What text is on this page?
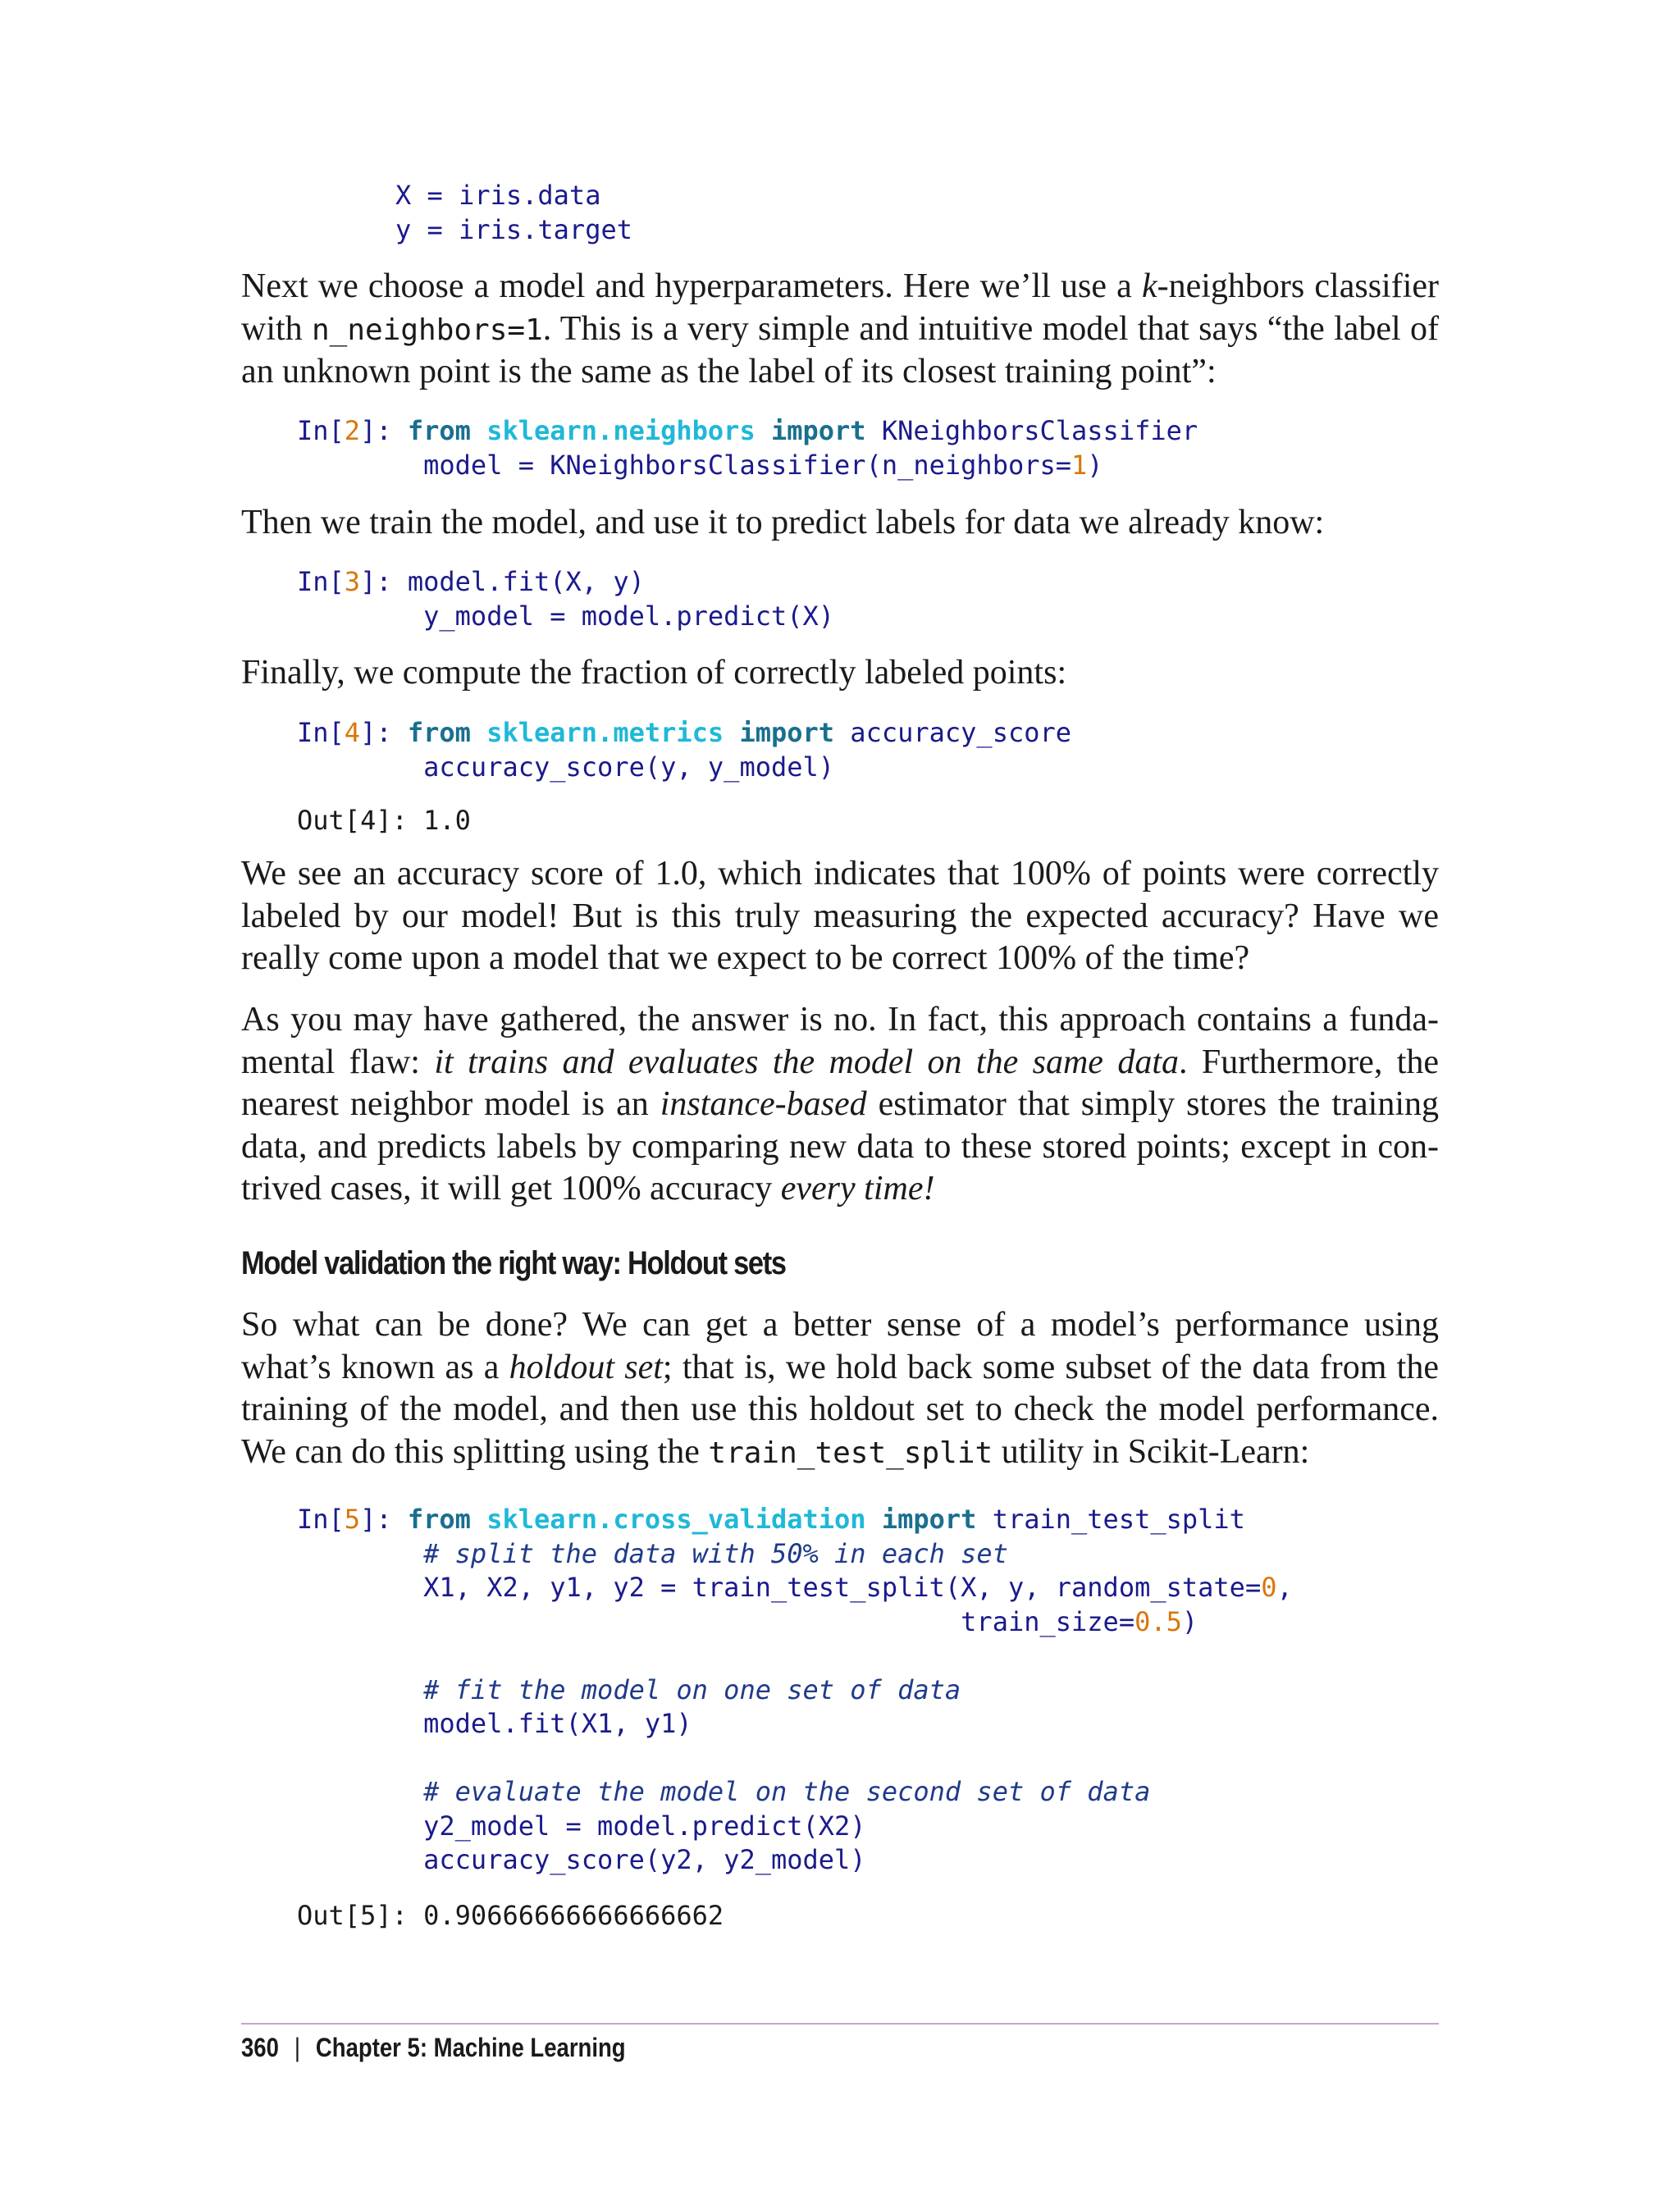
X = iris.data
y = iris.target

Next we choose a model and hyperparameters. Here we’ll use a k-neighbors classifier with n_neighbors=1. This is a very simple and intuitive model that says “the label of an unknown point is the same as the label of its closest training point”:

In[2]: from sklearn.neighbors import KNeighborsClassifier
model = KNeighborsClassifier(n_neighbors=1)

Then we train the model, and use it to predict labels for data we already know:

In[3]: model.fit(X, y)
y_model = model.predict(X)

Finally, we compute the fraction of correctly labeled points:

In[4]: from sklearn.metrics import accuracy_score
accuracy_score(y, y_model)
Out[4]: 1.0

We see an accuracy score of 1.0, which indicates that 100% of points were correctly labeled by our model! But is this truly measuring the expected accuracy? Have we really come upon a model that we expect to be correct 100% of the time?

As you may have gathered, the answer is no. In fact, this approach contains a fundamental flaw: it trains and evaluates the model on the same data. Furthermore, the nearest neighbor model is an instance-based estimator that simply stores the training data, and predicts labels by comparing new data to these stored points; except in contrived cases, it will get 100% accuracy every time!

Model validation the right way: Holdout sets

So what can be done? We can get a better sense of a model’s performance using what’s known as a holdout set; that is, we hold back some subset of the data from the training of the model, and then use this holdout set to check the model performance. We can do this splitting using the train_test_split utility in Scikit-Learn:

In[5]: from sklearn.cross_validation import train_test_split
# split the data with 50% in each set
X1, X2, y1, y2 = train_test_split(X, y, random_state=0,
train_size=0.5)

# fit the model on one set of data
model.fit(X1, y1)

# evaluate the model on the second set of data
y2_model = model.predict(X2)
accuracy_score(y2, y2_model)
Out[5]: 0.90666666666666662
360 | Chapter 5: Machine Learning
